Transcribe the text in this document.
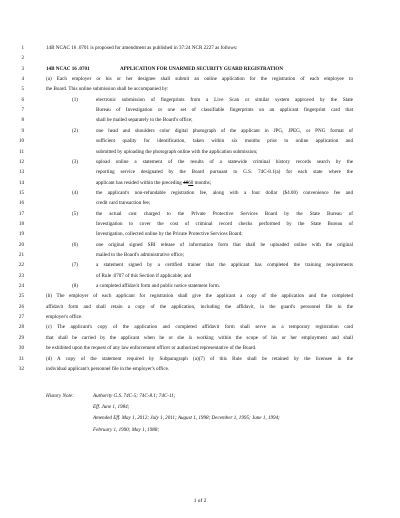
1	14B NCAC 16 .0701 is proposed for amendment as published in 37:24 NCR 2227 as follows:
2
3	14B NCAC 16 .0701	APPLICATION FOR UNARMED SECURITY GUARD REGISTRATION
4	(a) Each employer or his or her designee shall submit an online application for the registration of each employee to
5	the Board. This online submission shall be accompanied by:
6	(1)	electronic submission of fingerprints from a Live Scan or similar system approved by the State
7	Bureau of Investigation or one set of classifiable fingerprints on an applicant fingerprint card that
8	shall be mailed separately to the Board's office;
9	(2)	one head and shoulders color digital photograph of the applicant in JPG, JPEG, or PNG format of
10	sufficient quality for identification, taken within six months prior to online application and
11	submitted by uploading the photograph online with the application submission;
12	(3)	upload online a statement of the results of a statewide criminal history records search by the
13	reporting service designated by the Board pursuant to G.S. 74C-8.1(a) for each state where the
14	applicant has resided within the preceding 4860 months;
15	(4)	the applicant's non-refundable registration fee, along with a four dollar ($4.00) convenience fee and
16	credit card transaction fee;
17	(5)	the actual cost charged to the Private Protective Services Board by the State Bureau of
18	Investigation to cover the cost of criminal record checks performed by the State Bureau of
19	Investigation, collected online by the Private Protective Services Board;
20	(6)	one original signed SBI release of information form that shall be uploaded online with the original
21	mailed to the Board's administrative office;
22	(7)	a statement signed by a certified trainer that the applicant has completed the training requirements
23	of Rule .0707 of this Section if applicable; and
24	(8)	a completed affidavit form and public notice statement form.
25	(b) The employer of each applicant for registration shall give the applicant a copy of the application and the completed
26	affidavit form and shall retain a copy of the application, including the affidavit, in the guard's personnel file in the
27	employer's office.
28	(c) The applicant's copy of the application and completed affidavit form shall serve as a temporary registration card
29	that shall be carried by the applicant when he or she is working within the scope of his or her employment and shall
30	be exhibited upon the request of any law enforcement officer or authorized representative of the Board.
31	(d) A copy of the statement required by Subparagraph (a)(7) of this Rule shall be retained by the licensee in the
32	individual applicant's personnel file in the employer's office.
History Note:	Authority G.S. 74C-5; 74C-8.1; 74C-11;
Eff. June 1, 1984;
Amended Eff. May 1, 2012; July 1, 2011; August 1, 1998; December 1, 1995; June 1, 1994;
February 1, 1990; May 1, 1988;
1 of 2
